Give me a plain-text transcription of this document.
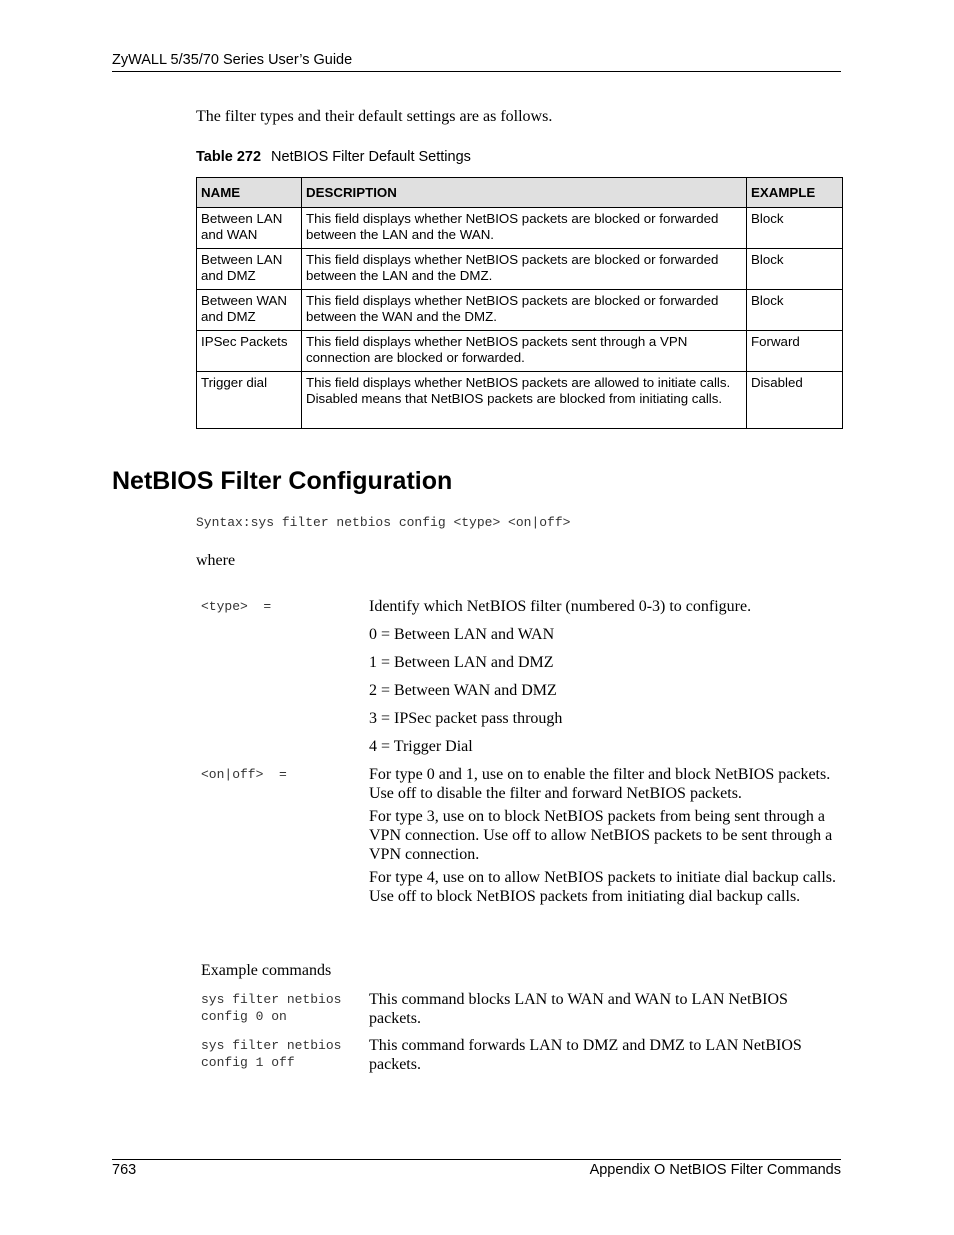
ZyWALL 5/35/70 Series User’s Guide
The filter types and their default settings are as follows.
Table 272 NetBIOS Filter Default Settings
NAME	DESCRIPTION	EXAMPLE
Between LAN and WAN	This field displays whether NetBIOS packets are blocked or forwarded between the LAN and the WAN.	Block
Between LAN and DMZ	This field displays whether NetBIOS packets are blocked or forwarded between the LAN and the DMZ.	Block
Between WAN and DMZ	This field displays whether NetBIOS packets are blocked or forwarded between the WAN and the DMZ.	Block
IPSec Packets	This field displays whether NetBIOS packets sent through a VPN connection are blocked or forwarded.	Forward
Trigger dial	This field displays whether NetBIOS packets are allowed to initiate calls. Disabled means that NetBIOS packets are blocked from initiating calls.	Disabled
NetBIOS Filter Configuration
Syntax:sys filter netbios config <type> <on|off>
where
<type>  =	Identify which NetBIOS filter (numbered 0-3) to configure.
0 = Between LAN and WAN
1 = Between LAN and DMZ
2 = Between WAN and DMZ
3 = IPSec packet pass through
4 = Trigger Dial
<on|off>  =	For type 0 and 1, use on to enable the filter and block NetBIOS packets. Use off to disable the filter and forward NetBIOS packets.
For type 3, use on to block NetBIOS packets from being sent through a VPN connection. Use off to allow NetBIOS packets to be sent through a VPN connection.
For type 4, use on to allow NetBIOS packets to initiate dial backup calls. Use off to block NetBIOS packets from initiating dial backup calls.
Example commands
sys filter netbios config 0 on
This command blocks LAN to WAN and WAN to LAN NetBIOS packets.
sys filter netbios config 1 off
This command forwards LAN to DMZ and DMZ to LAN NetBIOS packets.
763	Appendix O NetBIOS Filter Commands
